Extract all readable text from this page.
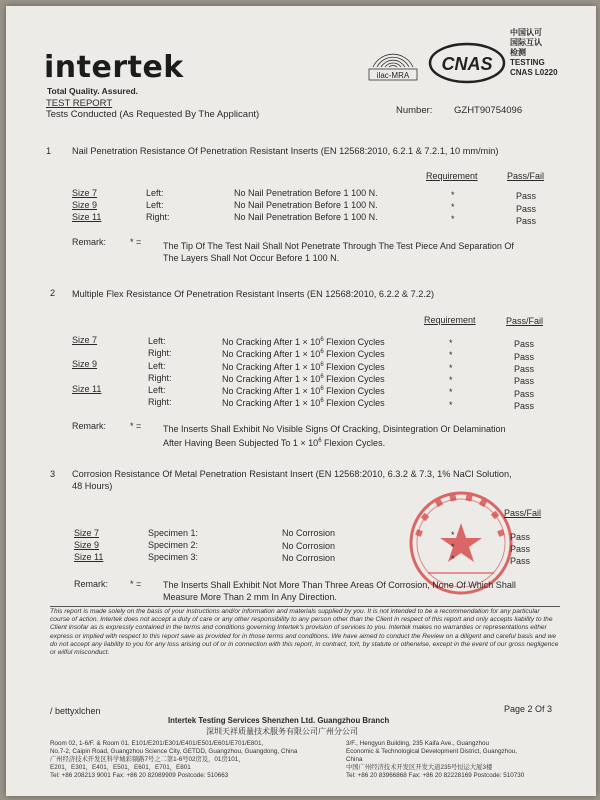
intertek
Total Quality. Assured.
TEST REPORT
Tests Conducted (As Requested By The Applicant)	Number: GZHT90754096
ilac-MRA
CNAS
中国认可
国际互认
检测
TESTING
CNAS L0220
1 Nail Penetration Resistance Of Penetration Resistant Inserts (EN 12568:2010, 6.2.1 & 7.2.1, 10 mm/min)
Requirement	Pass/Fail
Size 7	Left:	No Nail Penetration Before 1 100 N.	*	Pass
Size 9	Left:	No Nail Penetration Before 1 100 N.	*	Pass
Size 11	Right:	No Nail Penetration Before 1 100 N.	*	Pass
Remark:	* = The Tip Of The Test Nail Shall Not Penetrate Through The Test Piece And Separation Of
The Layers Shall Not Occur Before 1 100 N.
2 Multiple Flex Resistance Of Penetration Resistant Inserts (EN 12568:2010, 6.2.2 & 7.2.2)
Requirement	Pass/Fail
Size 7	Left:	No Cracking After $1 \times 10^6$ Flexion Cycles	*	Pass
Right:	No Cracking After $1 \times 10^6$ Flexion Cycles	*	Pass
Size 9	Left:	No Cracking After $1 \times 10^6$ Flexion Cycles	*	Pass
Right:	No Cracking After $1 \times 10^6$ Flexion Cycles	*	Pass
Size 11	Left:	No Cracking After $1 \times 10^6$ Flexion Cycles	*	Pass
Right:	No Cracking After $1 \times 10^6$ Flexion Cycles	*	Pass
Remark:	* = The Inserts Shall Exhibit No Visible Signs Of Cracking, Disintegration Or Delamination
After Having Been Subjected To $1 \times 10^6$ Flexion Cycles.
3 Corrosion Resistance Of Metal Penetration Resistant Insert (EN 12568:2010, 6.3.2 & 7.3, 1% NaCl Solution,
48 Hours)
Pass/Fail
Size 7	Specimen 1:	No Corrosion	*	Pass
Size 9	Specimen 2:	No Corrosion	*	Pass
Size 11	Specimen 3:	No Corrosion	*	Pass
Remark: * = The Inserts Shall Exhibit Not More Than Three Areas Of Corrosion, None Of Which Shall
Measure More Than 2 mm In Any Direction.
This report is made solely on the basis of your instructions and/or information and materials supplied by you. It is not intended to be a recommendation for any particular course of action. Intertek does not accept a duty of care or any other responsibility to any person other than the Client in respect of this report and only accepts liability to the Client insofar as is expressly contained in the terms and conditions governing Intertek's provision of services to you. Intertek makes no warranties or representations either express or implied with respect to this report save as provided for in those terms and conditions. We have aimed to conduct the Review on a diligent and careful basis and we do not accept any liability to you for any loss arising out of or in connection with this report, in contract, tort, by statute or otherwise, except in the event of our gross negligence or wilful misconduct.
/ bettyxlchen	Page 2 Of 3
Intertek Testing Services Shenzhen Ltd. Guangzhou Branch
深圳天祥质量技术服务有限公司广州分公司
Room 02, 1-6/F. & Room 01, E101/E201/E301/E401/E501/E601/E701/E801,
No.7-2, Caipin Road, Guangzhou Science City, GETDD, Guangzhou, Guangdong, China
广州经济技术开发区科学城彩频路7号之二第1-6号02房及，01房101，
E201，E301，E401，E501，E601，E701，E801
Tel: +86 208213 9001 Fax: +86 20 82089909 Postcode: 510663
3/F., Hengyun Building, 235 Kaifa Ave., Guangzhou
Economic & Technological Development District, Guangzhou,
China
中国广州经济技术开发区开发大道235号恒运大厦3楼
Tel: +86 20 83966868 Fax: +86 20 82228169 Postcode: 510730
